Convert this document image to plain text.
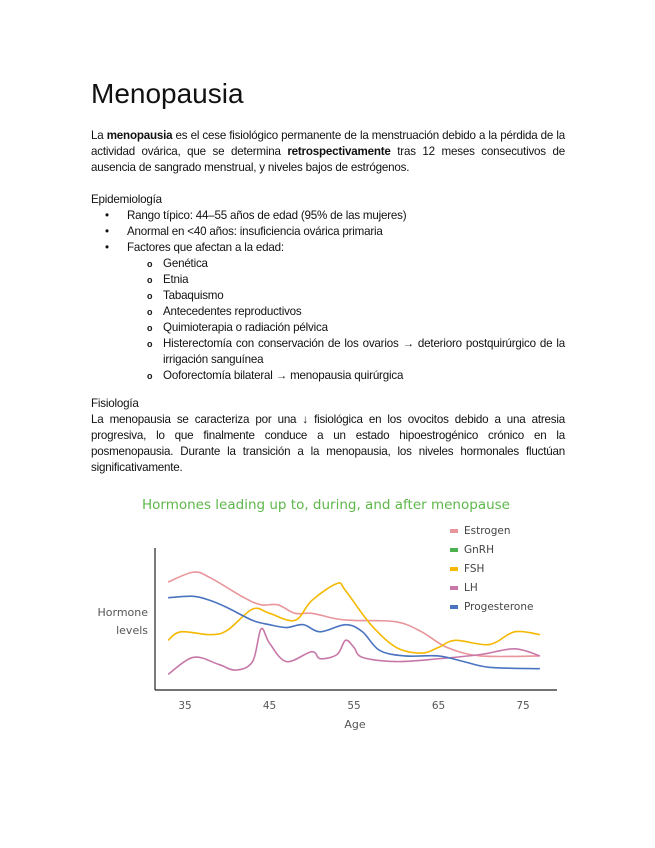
Menopausia
La menopausia es el cese fisiológico permanente de la menstruación debido a la pérdida de la actividad ovárica, que se determina retrospectivamente tras 12 meses consecutivos de ausencia de sangrado menstrual, y niveles bajos de estrógenos.

Epidemiología

• Rango típico: 44–55 años de edad (95% de las mujeres)
• Anormal en <40 años: insuficiencia ovárica primaria
• Factores que afectan a la edad:
o Genética
o Etnia
o Tabaquismo
o Antecedentes reproductivos
o Quimioterapia o radiación pélvica
o Histerectomía con conservación de los ovarios → deterioro postquirúrgico de la irrigación sanguínea
o Ooforectomía bilateral → menopausia quirúrgica

Fisiología

La menopausia se caracteriza por una ↓ fisiológica en los ovocitos debido a una atresia progresiva, lo que finalmente conduce a un estado hipoestrogénico crónico en la posmenopausia. Durante la transición a la menopausia, los niveles hormonales fluctúan significativamente.

Hormones leading up to, during, and after menopause
Hormone levels
Age
35	45	55	65	75
Estrogen
GnRH
FSH
LH
Progesterone
